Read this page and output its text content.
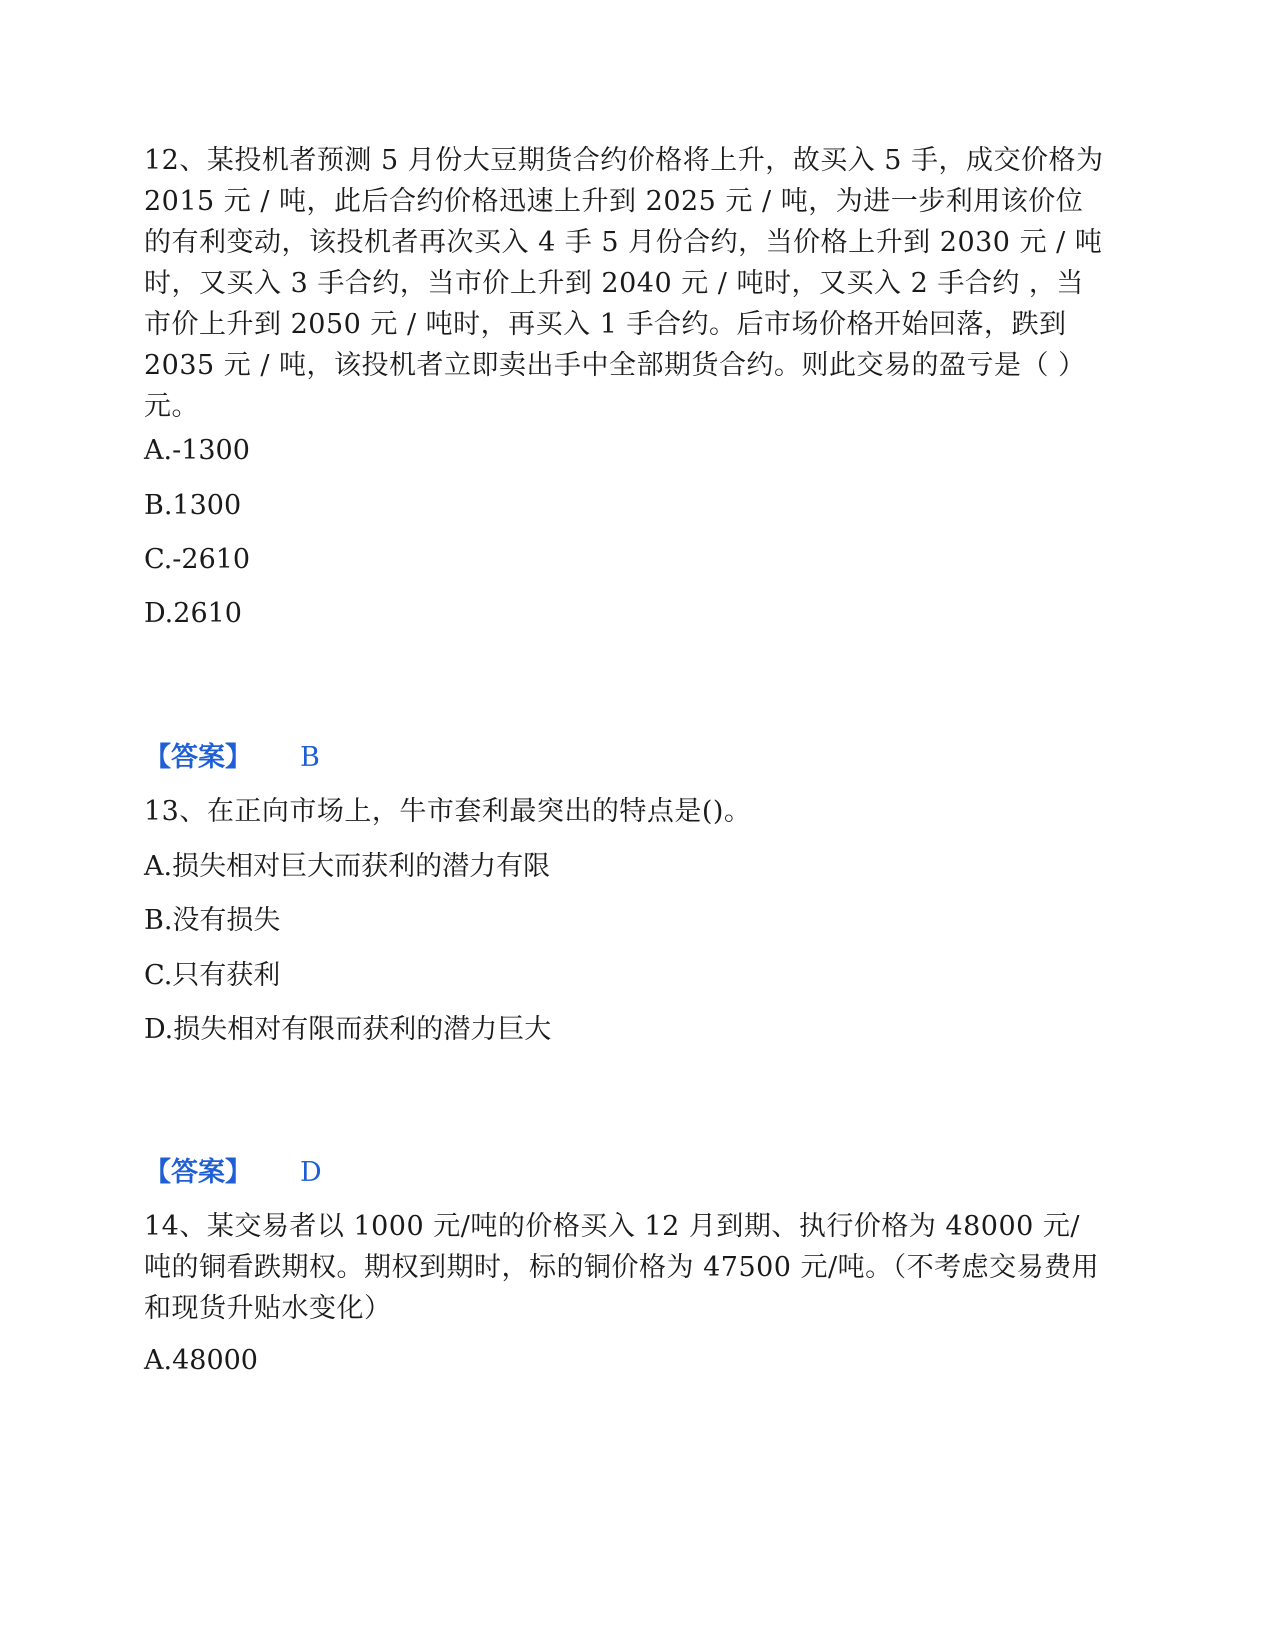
12、某投机者预测 5 月份大豆期货合约价格将上升，故买入 5 手，成交价格为 2015 元 / 吨，此后合约价格迅速上升到 2025 元 / 吨，为进一步利用该价位的有利变动，该投机者再次买入 4 手 5 月份合约，当价格上升到 2030 元 / 吨时，又买入 3 手合约，当市价上升到 2040 元 / 吨时，又买入 2 手合约 ，当市价上升到 2050 元 / 吨时，再买入 1 手合约。后市场价格开始回落，跌到 2035 元 / 吨，该投机者立即卖出手中全部期货合约。则此交易的盈亏是（ ）元。

A.-1300

B.1300

C.-2610

D.2610

【答案】 B

13、在正向市场上，牛市套利最突出的特点是()。

A.损失相对巨大而获利的潜力有限

B.没有损失

C.只有获利

D.损失相对有限而获利的潜力巨大

【答案】 D

14、某交易者以 1000 元/吨的价格买入 12 月到期、执行价格为 48000 元/吨的铜看跌期权。期权到期时，标的铜价格为 47500 元/吨。（不考虑交易费用和现货升贴水变化）

A.48000
